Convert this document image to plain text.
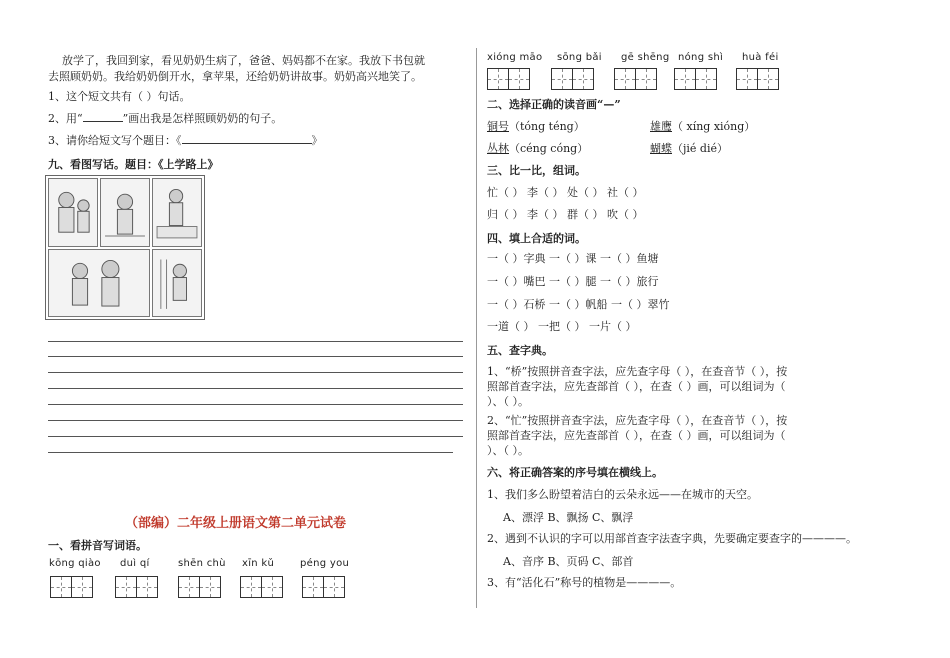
放学了，我回到家，看见奶奶生病了，爸爸、妈妈都不在家。我放下书包就
去照顾奶奶。我给奶奶倒开水，拿苹果，还给奶奶讲故事。奶奶高兴地笑了。
1、这个短文共有（ ）句话。
2、用“	”画出我是怎样照顾奶奶的句子。
3、请你给短文写个题目：《	》
九、看图写话。题目：《上学路上》
（部编）二年级上册语文第二单元试卷
一、看拼音写词语。
kōng qiào duì qí	shēn chù xīn kǔ	péng you
xióng māo sōng bǎi gē shēng nóng shì huà féi
二、选择正确的读音画“—”
铜号（tóng téng）	雄鹰（ xíng xióng）
丛林（céng cóng）	蝴蝶（jié dié）
三、比一比，组词。
忙（ ） 李（ ） 处（ ） 社（ ）
归（ ） 李（ ） 群（ ） 吹（ ）
四、填上合适的词。
一（ ）字典 一（ ）课 一（ ）鱼塘
一（ ）嘴巴 一（ ）腿 一（ ）旅行
一（ ）石桥 一（ ）帆船 一（ ）翠竹
一道（ ） 一把（ ） 一片（ ）
五、查字典。
1、“桥”按照拼音查字法，应先查字母（ ），在查音节（ ），按
照部首查字法，应先查部首（ ），在查（ ）画，可以组词为（
）、（ ）。
2、“忙”按照拼音查字法，应先查字母（ ），在查音节（ ），按
照部首查字法，应先查部首（ ），在查（ ）画，可以组词为（
）、（ ）。
六、将正确答案的序号填在横线上。
1、我们多么盼望着洁白的云朵永远——在城市的天空。
A、漂浮 B、飘扬 C、飘浮
2、遇到不认识的字可以用部首查字法查字典，先要确定要查字的————。
A、音序 B、页码 C、部首
3、有“活化石”称号的植物是————。
